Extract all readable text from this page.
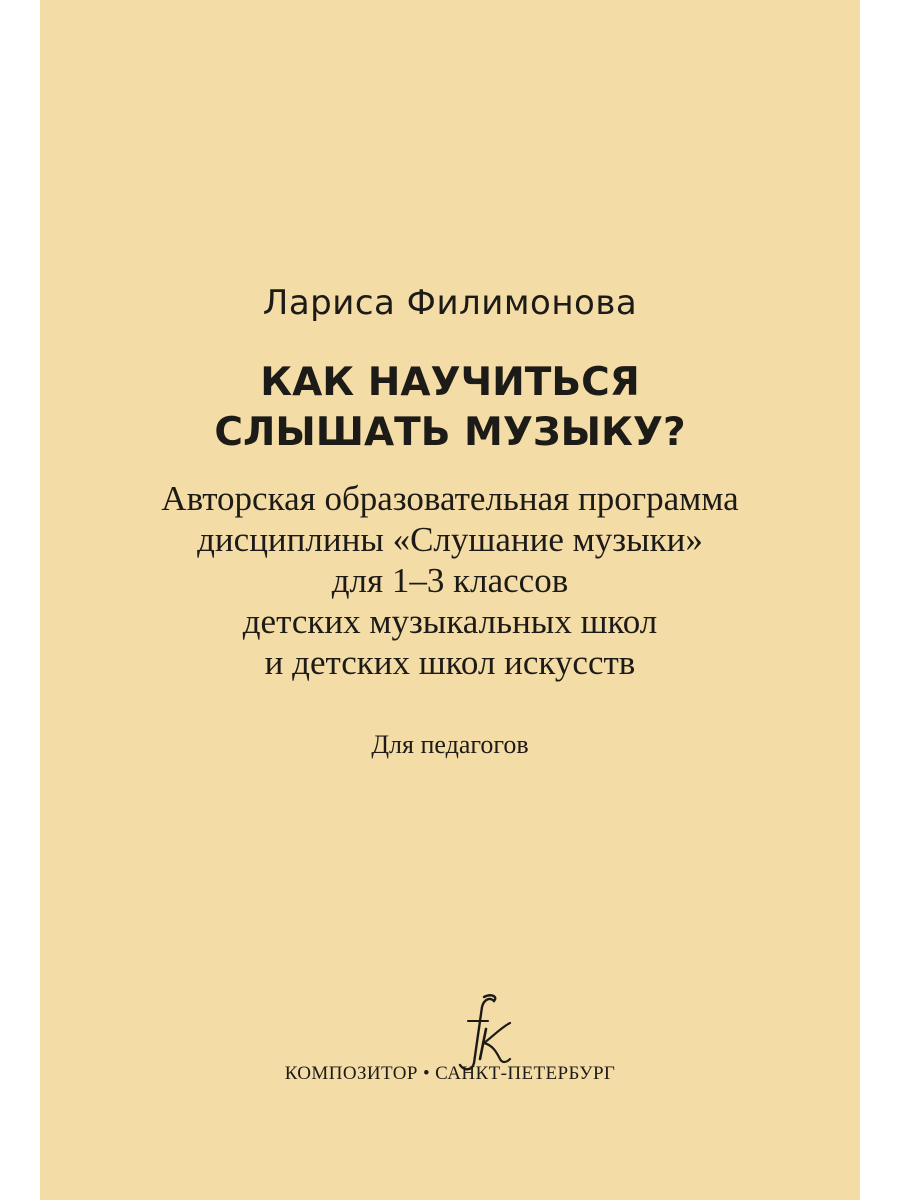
Лариса Филимонова
КАК НАУЧИТЬСЯ
СЛЫШАТЬ МУЗЫКУ?
Авторская образовательная программа
дисциплины «Слушание музыки»
для 1–3 классов
детских музыкальных школ
и детских школ искусств
Для педагогов
КОМПОЗИТОР • САНКТ-ПЕТЕРБУРГ
